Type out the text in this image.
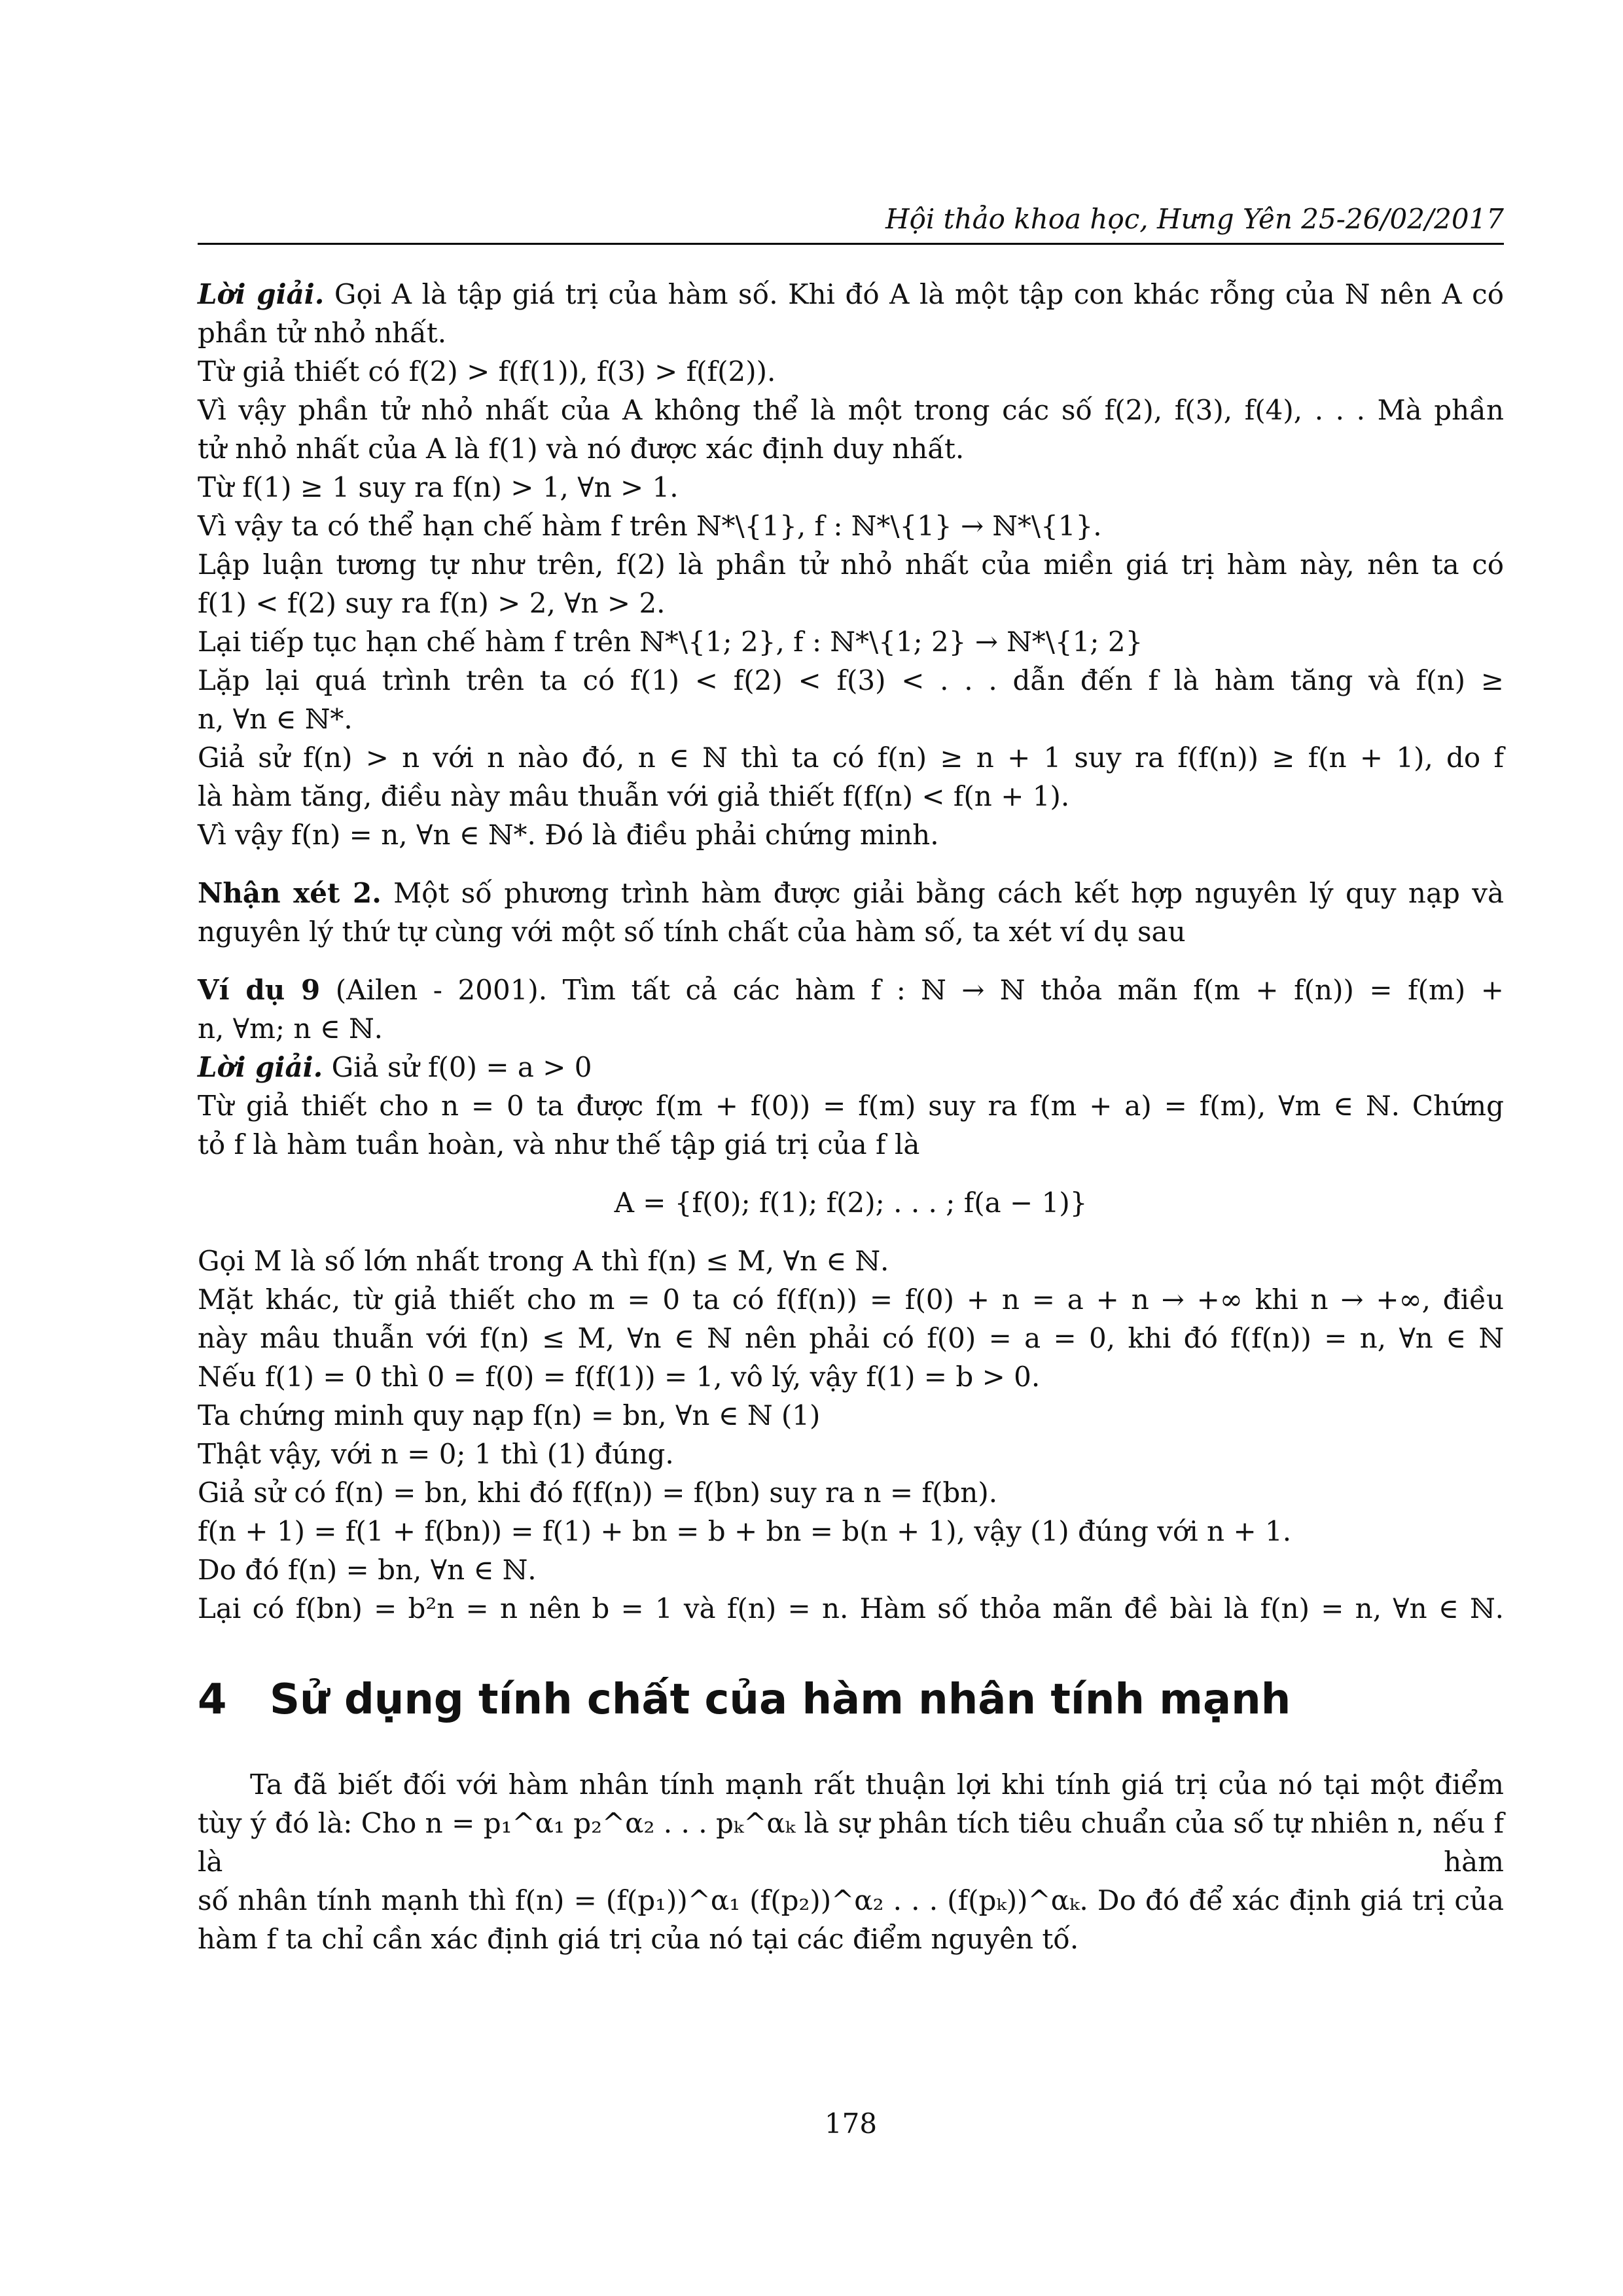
Hội thảo khoa học, Hưng Yên 25-26/02/2017

Lời giải. Gọi A là tập giá trị của hàm số. Khi đó A là một tập con khác rỗng của ℕ nên A có

phần tử nhỏ nhất.

Từ giả thiết có f(2) > f(f(1)), f(3) > f(f(2)).

Vì vậy phần tử nhỏ nhất của A không thể là một trong các số f(2), f(3), f(4), . . . Mà phần

tử nhỏ nhất của A là f(1) và nó được xác định duy nhất.

Từ f(1) ≥ 1 suy ra f(n) > 1, ∀n > 1.

Vì vậy ta có thể hạn chế hàm f trên ℕ*\{1}, f : ℕ*\{1} → ℕ*\{1}.

Lập luận tương tự như trên, f(2) là phần tử nhỏ nhất của miền giá trị hàm này, nên ta có

f(1) < f(2) suy ra f(n) > 2, ∀n > 2.

Lại tiếp tục hạn chế hàm f trên ℕ*\{1; 2}, f : ℕ*\{1; 2} → ℕ*\{1; 2}

Lặp lại quá trình trên ta có f(1) < f(2) < f(3) < . . . dẫn đến f là hàm tăng và f(n) ≥

n, ∀n ∈ ℕ*.

Giả sử f(n) > n với n nào đó, n ∈ ℕ thì ta có f(n) ≥ n + 1 suy ra f(f(n)) ≥ f(n + 1), do f

là hàm tăng, điều này mâu thuẫn với giả thiết f(f(n) < f(n + 1).

Vì vậy f(n) = n, ∀n ∈ ℕ*. Đó là điều phải chứng minh.

Nhận xét 2. Một số phương trình hàm được giải bằng cách kết hợp nguyên lý quy nạp và

nguyên lý thứ tự cùng với một số tính chất của hàm số, ta xét ví dụ sau

Ví dụ 9 (Ailen - 2001). Tìm tất cả các hàm f : ℕ → ℕ thỏa mãn f(m + f(n)) = f(m) +

n, ∀m; n ∈ ℕ.

Lời giải. Giả sử f(0) = a > 0

Từ giả thiết cho n = 0 ta được f(m + f(0)) = f(m) suy ra f(m + a) = f(m), ∀m ∈ ℕ. Chứng

tỏ f là hàm tuần hoàn, và như thế tập giá trị của f là

A = {f(0); f(1); f(2); . . . ; f(a − 1)}

Gọi M là số lớn nhất trong A thì f(n) ≤ M, ∀n ∈ ℕ.

Mặt khác, từ giả thiết cho m = 0 ta có f(f(n)) = f(0) + n = a + n → +∞ khi n → +∞, điều

này mâu thuẫn với f(n) ≤ M, ∀n ∈ ℕ nên phải có f(0) = a = 0, khi đó f(f(n)) = n, ∀n ∈ ℕ

Nếu f(1) = 0 thì 0 = f(0) = f(f(1)) = 1, vô lý, vậy f(1) = b > 0.

Ta chứng minh quy nạp f(n) = bn, ∀n ∈ ℕ (1)

Thật vậy, với n = 0; 1 thì (1) đúng.

Giả sử có f(n) = bn, khi đó f(f(n)) = f(bn) suy ra n = f(bn).

f(n + 1) = f(1 + f(bn)) = f(1) + bn = b + bn = b(n + 1), vậy (1) đúng với n + 1.

Do đó f(n) = bn, ∀n ∈ ℕ.

Lại có f(bn) = b²n = n nên b = 1 và f(n) = n. Hàm số thỏa mãn đề bài là f(n) = n, ∀n ∈ ℕ.

4 Sử dụng tính chất của hàm nhân tính mạnh

Ta đã biết đối với hàm nhân tính mạnh rất thuận lợi khi tính giá trị của nó tại một điểm

tùy ý đó là: Cho n = p₁^α₁ p₂^α₂ . . . pₖ^αₖ là sự phân tích tiêu chuẩn của số tự nhiên n, nếu f là hàm

số nhân tính mạnh thì f(n) = (f(p₁))^α₁ (f(p₂))^α₂ . . . (f(pₖ))^αₖ. Do đó để xác định giá trị của

hàm f ta chỉ cần xác định giá trị của nó tại các điểm nguyên tố.

178
